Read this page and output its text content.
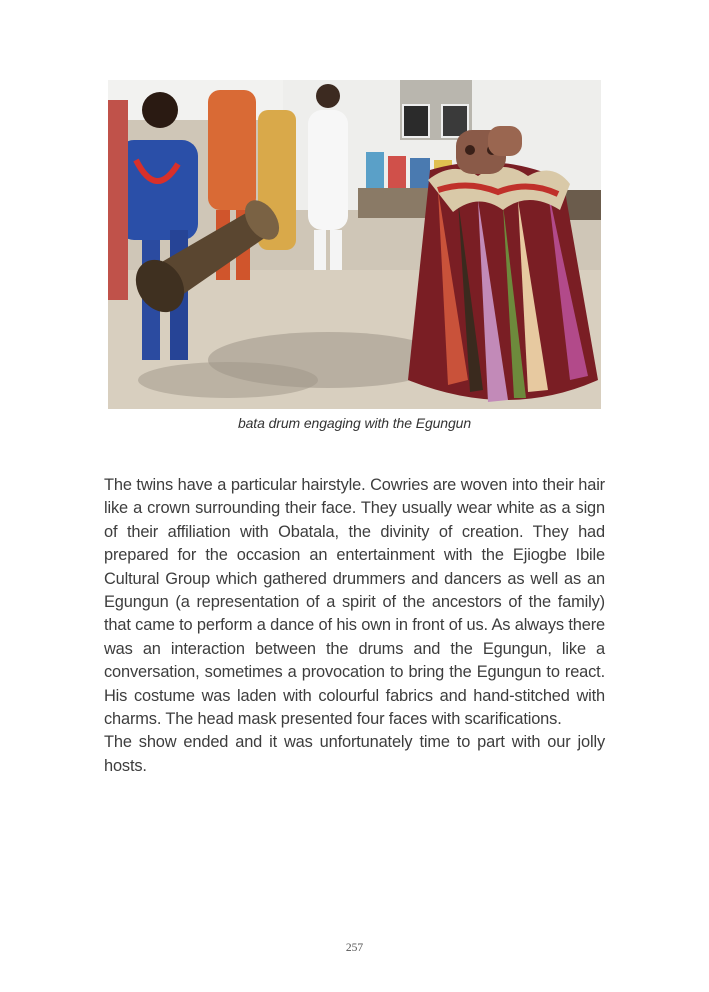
bata drum engaging with the Egungun

The twins have a particular hairstyle. Cowries are woven into their hair like a crown surrounding their face. They usually wear white as a sign of their affiliation with Obatala, the divinity of creation. They had prepared for the occasion an entertainment with the Ejiogbe Ibile Cultural Group which gathered drummers and dancers as well as an Egungun (a representation of a spirit of the ancestors of the family) that came to perform a dance of his own in front of us. As always there was an interaction between the drums and the Egungun, like a conversation, sometimes a provocation to bring the Egungun to react. His costume was laden with colourful fabrics and hand-stitched with charms. The head mask presented four faces with scarifications.

The show ended and it was unfortunately time to part with our jolly hosts.

257
